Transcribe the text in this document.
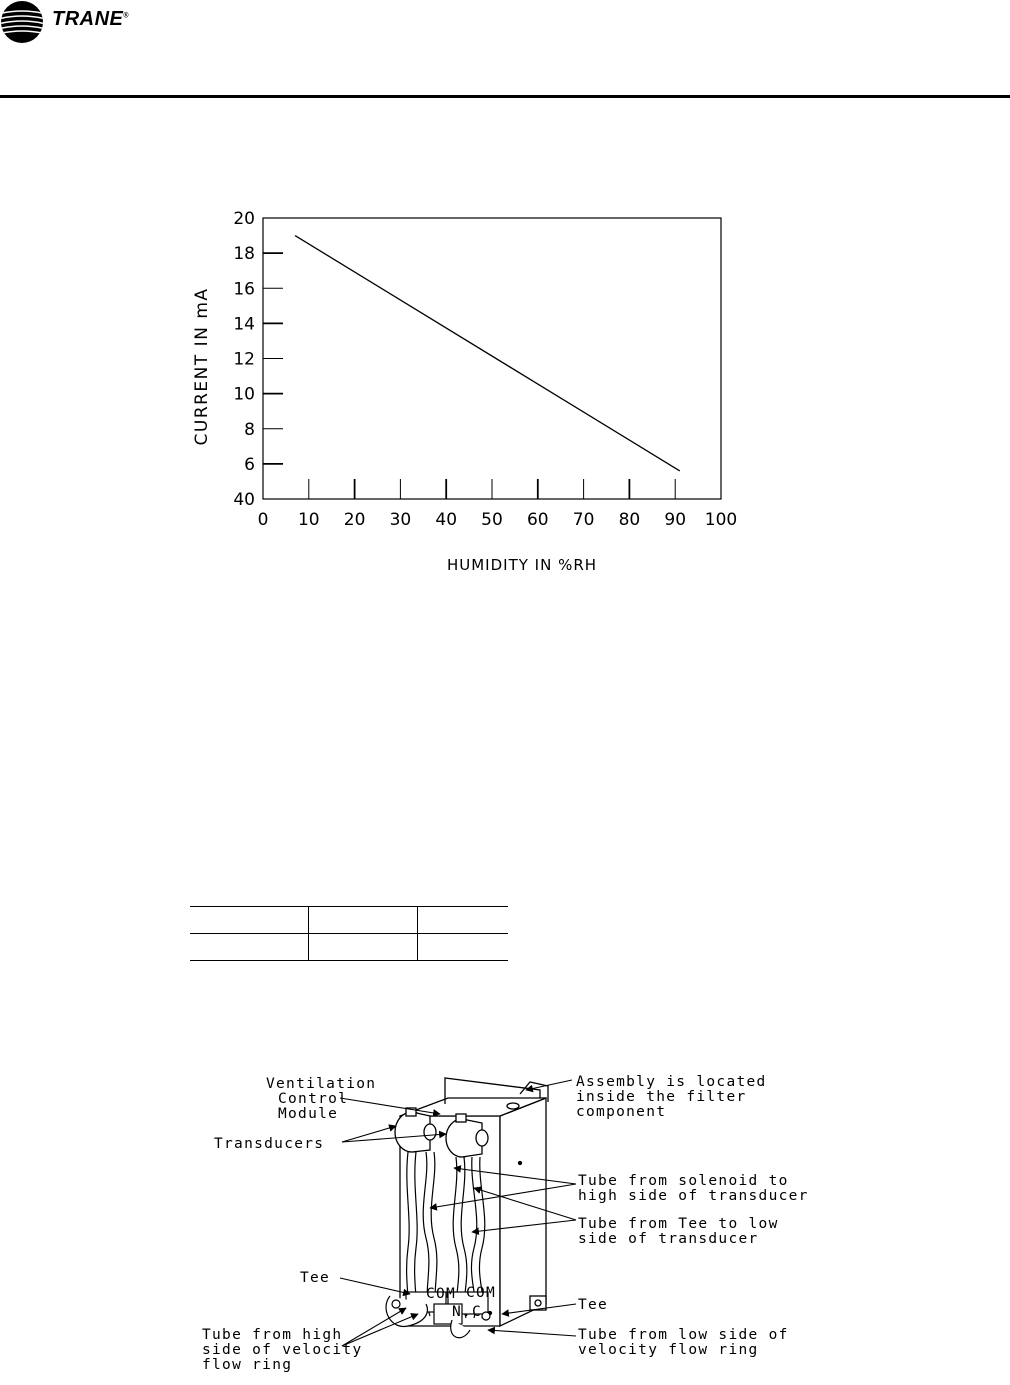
TRANE®
40
6
8
10
12
14
16
18
20
0 10 20 30 40 50 60 70 80 90 100
CURRENT IN mA
HUMIDITY IN %RH

COM COM
N.C
Ventilation
Control
Module
Transducers
Assembly is located
inside the filter
component
Tube from solenoid to
high side of transducer
Tube from Tee to low
side of transducer
Tee
Tee
Tube from high
side of velocity
flow ring
Tube from low side of
velocity flow ring
